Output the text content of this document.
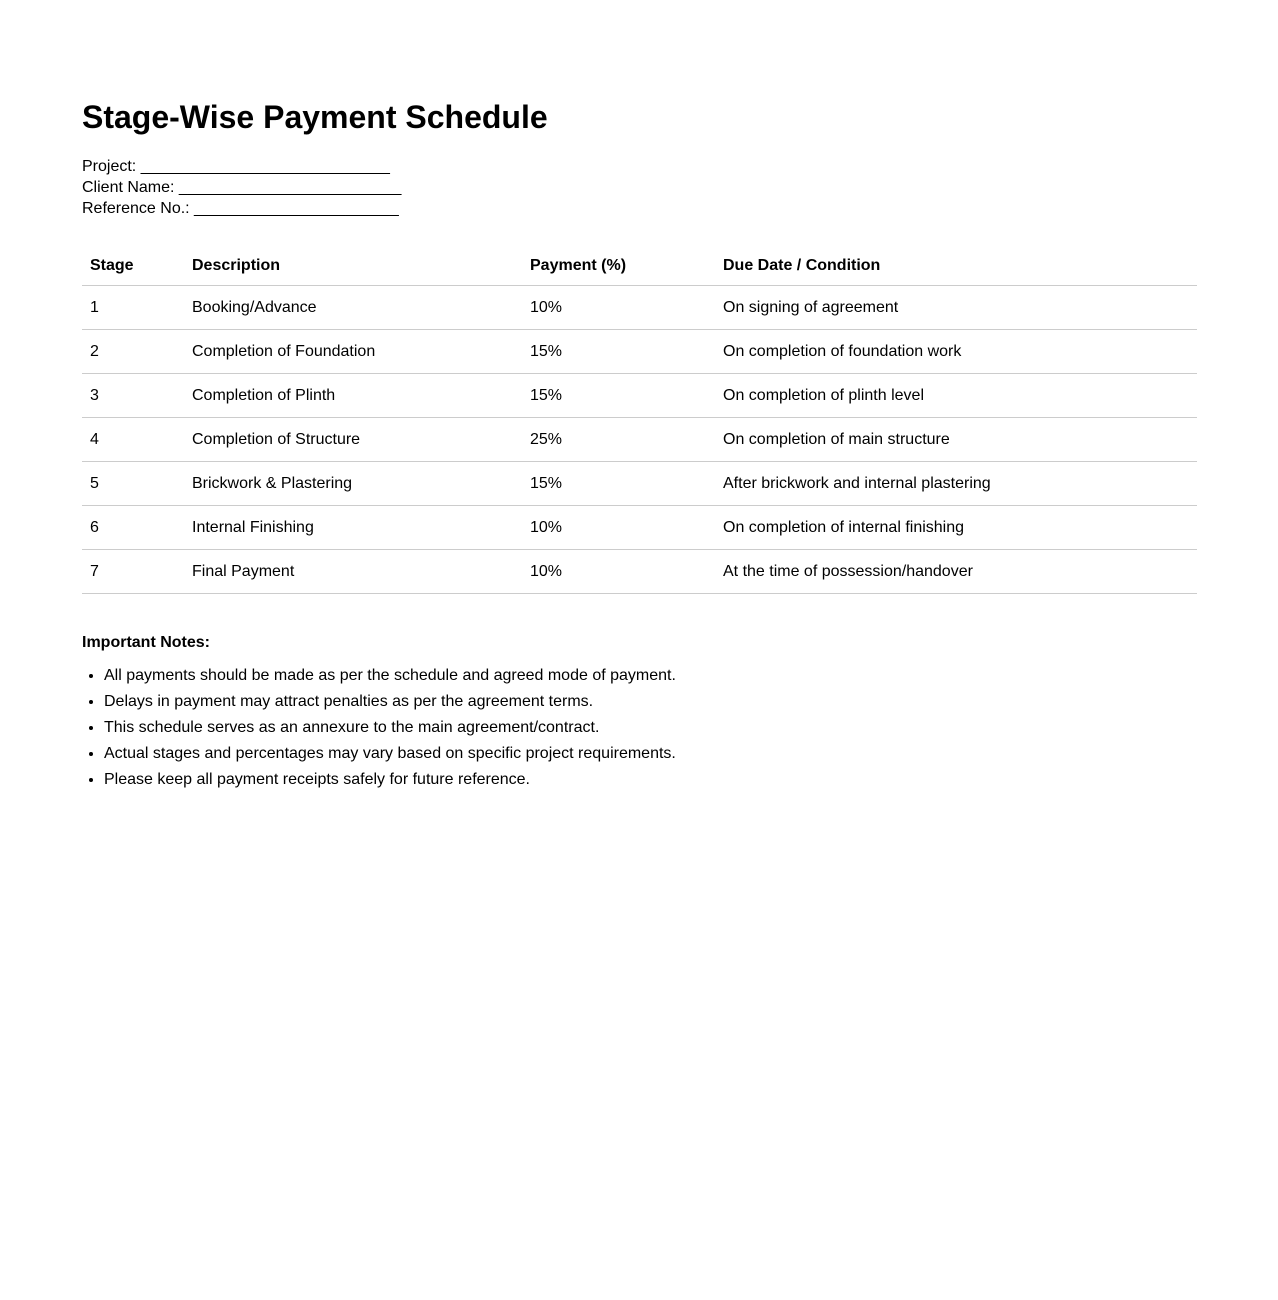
Stage-Wise Payment Schedule
Project: ____________________________
Client Name: _________________________
Reference No.: _______________________
Stage	Description	Payment (%)	Due Date / Condition
1	Booking/Advance	10%	On signing of agreement
2	Completion of Foundation	15%	On completion of foundation work
3	Completion of Plinth	15%	On completion of plinth level
4	Completion of Structure	25%	On completion of main structure
5	Brickwork & Plastering	15%	After brickwork and internal plastering
6	Internal Finishing	10%	On completion of internal finishing
7	Final Payment	10%	At the time of possession/handover
Important Notes:
• All payments should be made as per the schedule and agreed mode of payment.
• Delays in payment may attract penalties as per the agreement terms.
• This schedule serves as an annexure to the main agreement/contract.
• Actual stages and percentages may vary based on specific project requirements.
• Please keep all payment receipts safely for future reference.
